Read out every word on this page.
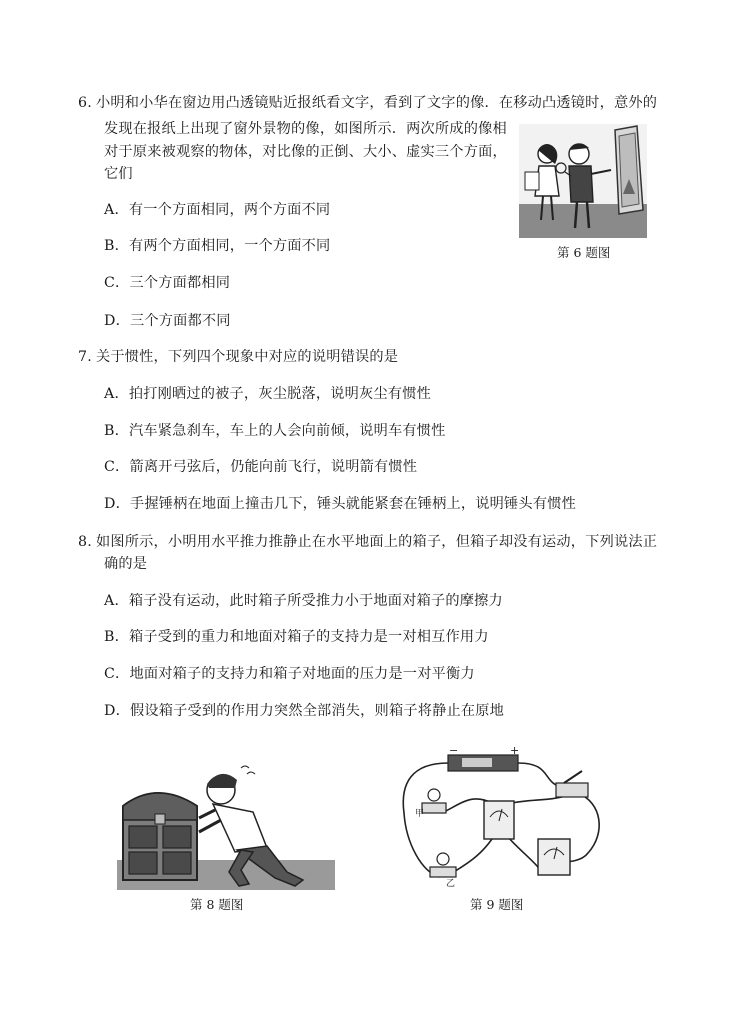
6. 小明和小华在窗边用凸透镜贴近报纸看文字，看到了文字的像．在移动凸透镜时，意外的
发现在报纸上出现了窗外景物的像，如图所示．两次所成的像相
对于原来被观察的物体，对比像的正倒、大小、虚实三个方面，
它们
A．有一个方面相同，两个方面不同
B．有两个方面相同，一个方面不同
C．三个方面都相同
D．三个方面都不同
第 6 题图
7. 关于惯性，下列四个现象中对应的说明错误的是
A．拍打刚晒过的被子，灰尘脱落，说明灰尘有惯性
B．汽车紧急刹车，车上的人会向前倾，说明车有惯性
C．箭离开弓弦后，仍能向前飞行，说明箭有惯性
D．手握锤柄在地面上撞击几下，锤头就能紧套在锤柄上，说明锤头有惯性
8. 如图所示，小明用水平推力推静止在水平地面上的箱子，但箱子却没有运动，下列说法正
确的是
A．箱子没有运动，此时箱子所受推力小于地面对箱子的摩擦力
B．箱子受到的重力和地面对箱子的支持力是一对相互作用力
C．地面对箱子的支持力和箱子对地面的压力是一对平衡力
D．假设箱子受到的作用力突然全部消失，则箱子将静止在原地
第 8 题图
−	+
甲
乙
第 9 题图
